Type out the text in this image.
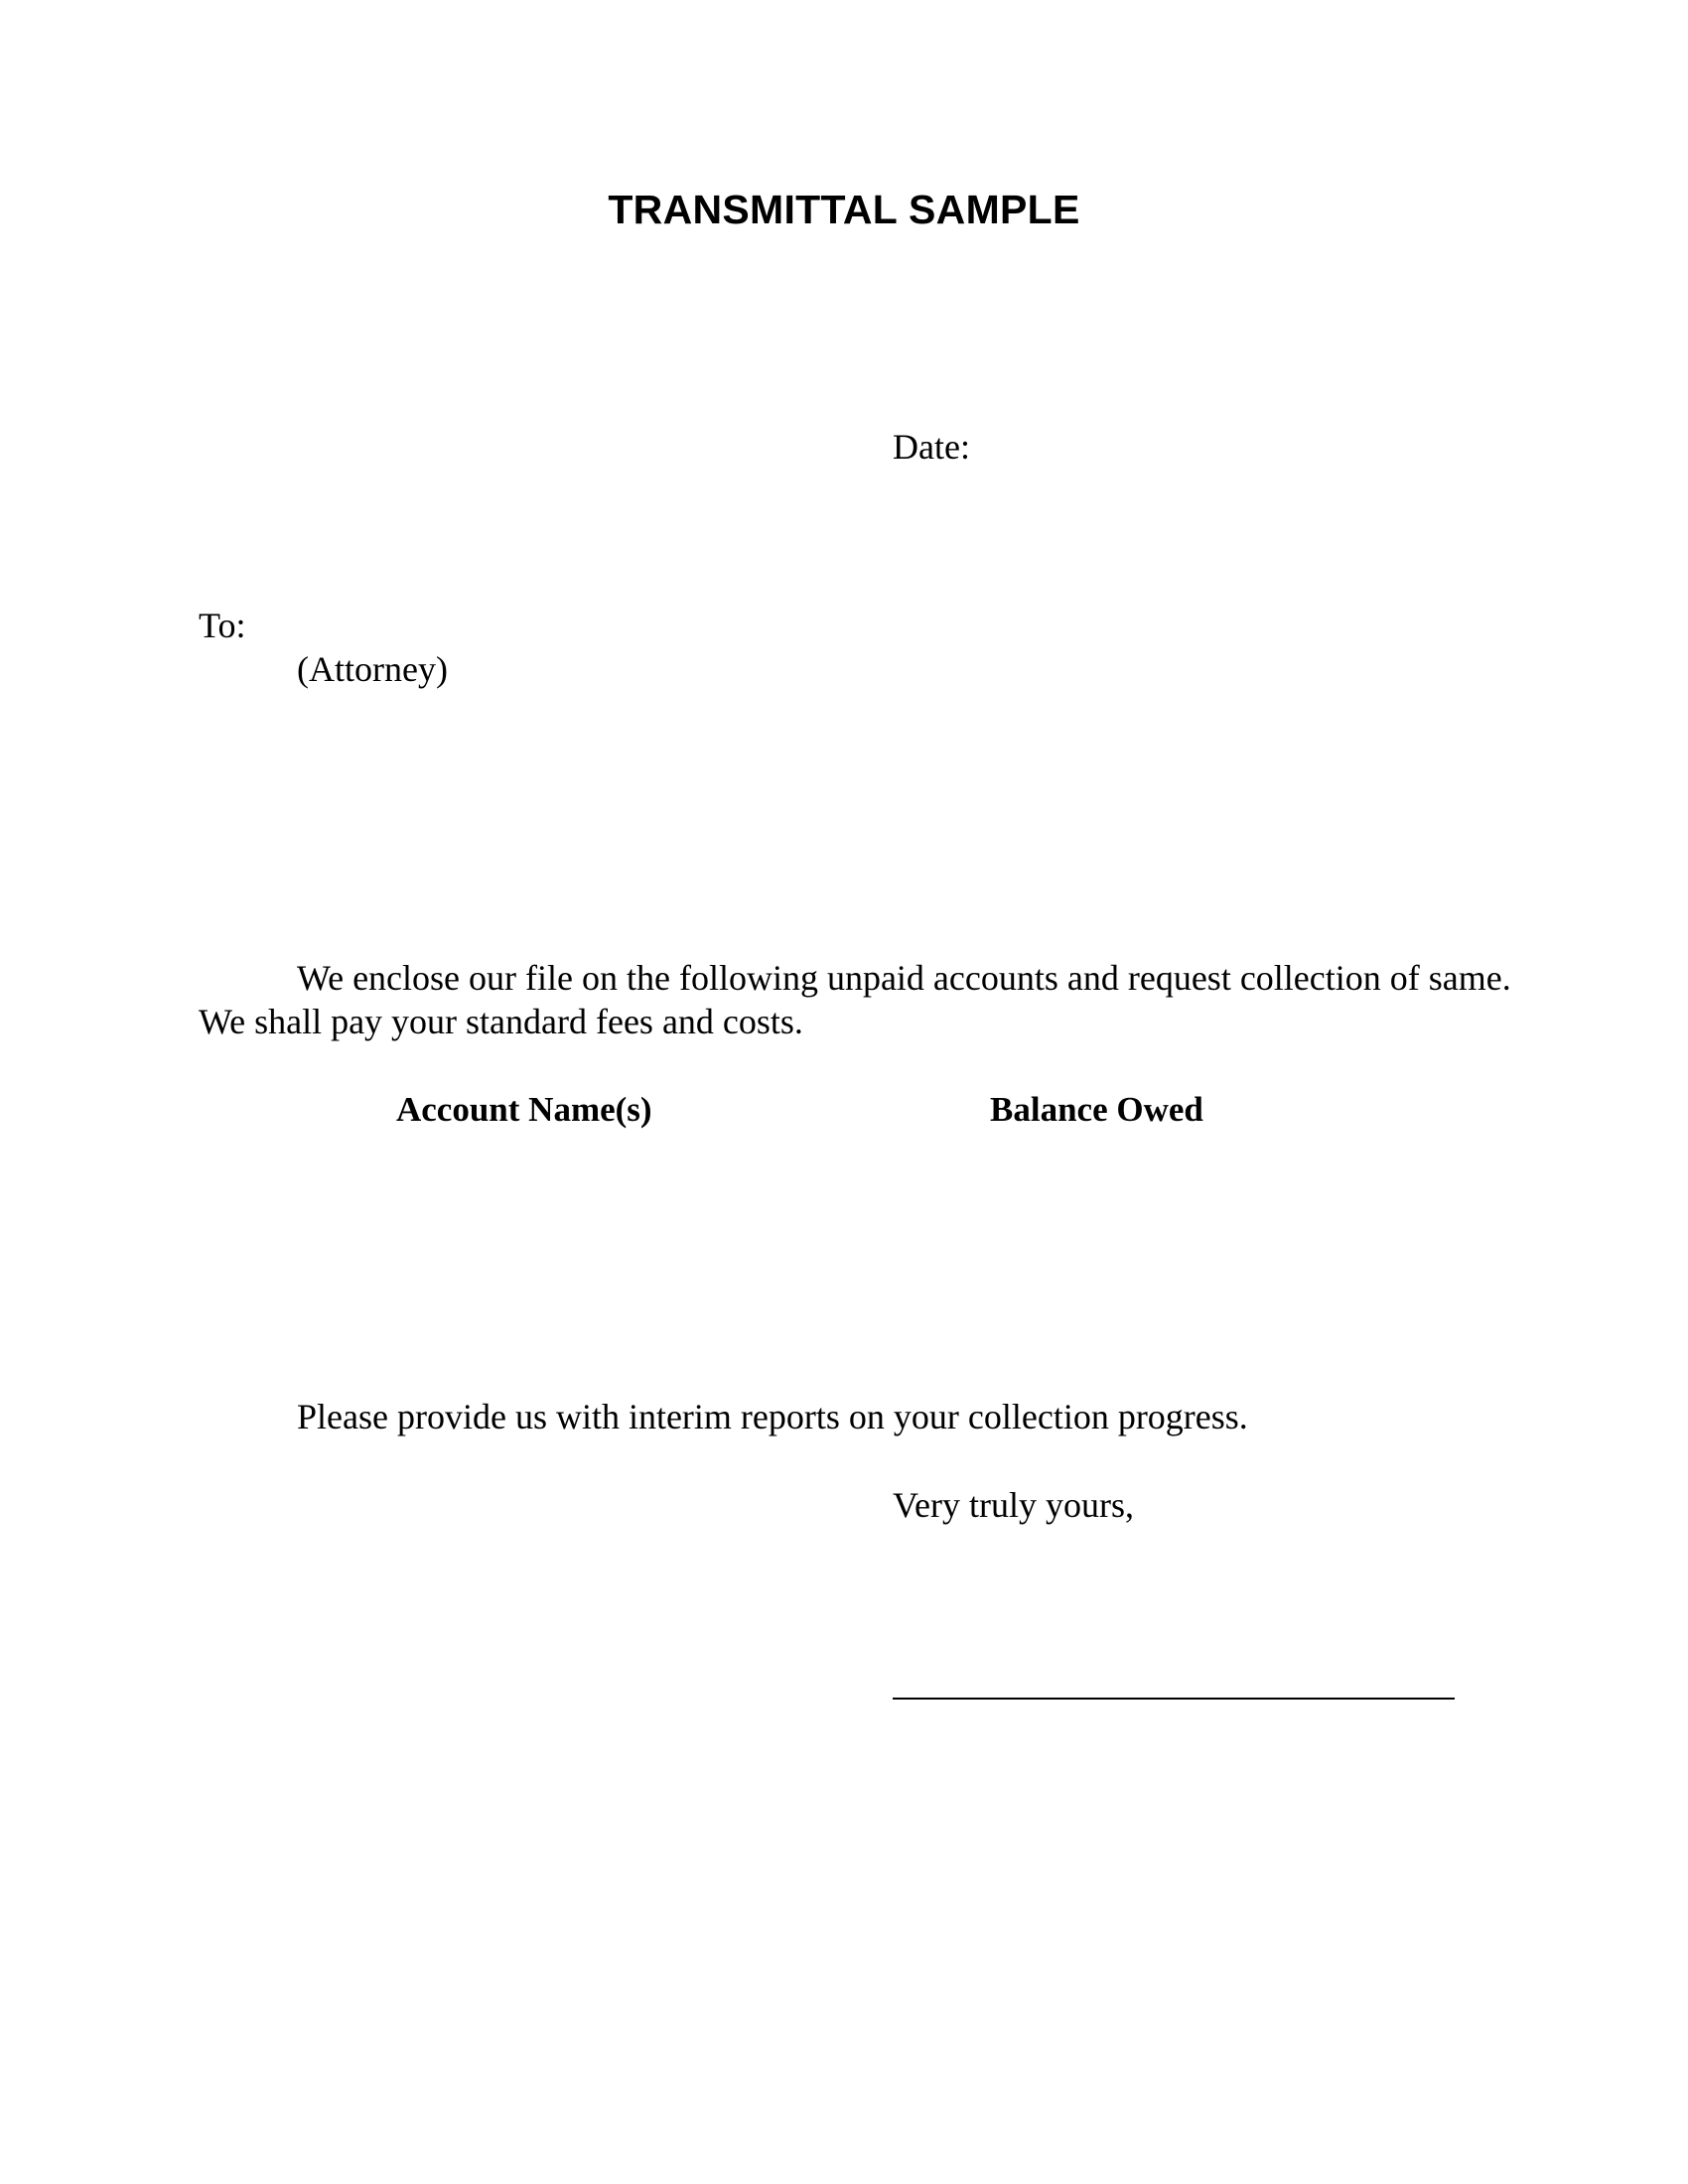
TRANSMITTAL SAMPLE

Date:

To:

(Attorney)

We enclose our file on the following unpaid accounts and request collection of same.
We shall pay your standard fees and costs.
Account Name(s)	Balance Owed

Please provide us with interim reports on your collection progress.

Very truly yours,
